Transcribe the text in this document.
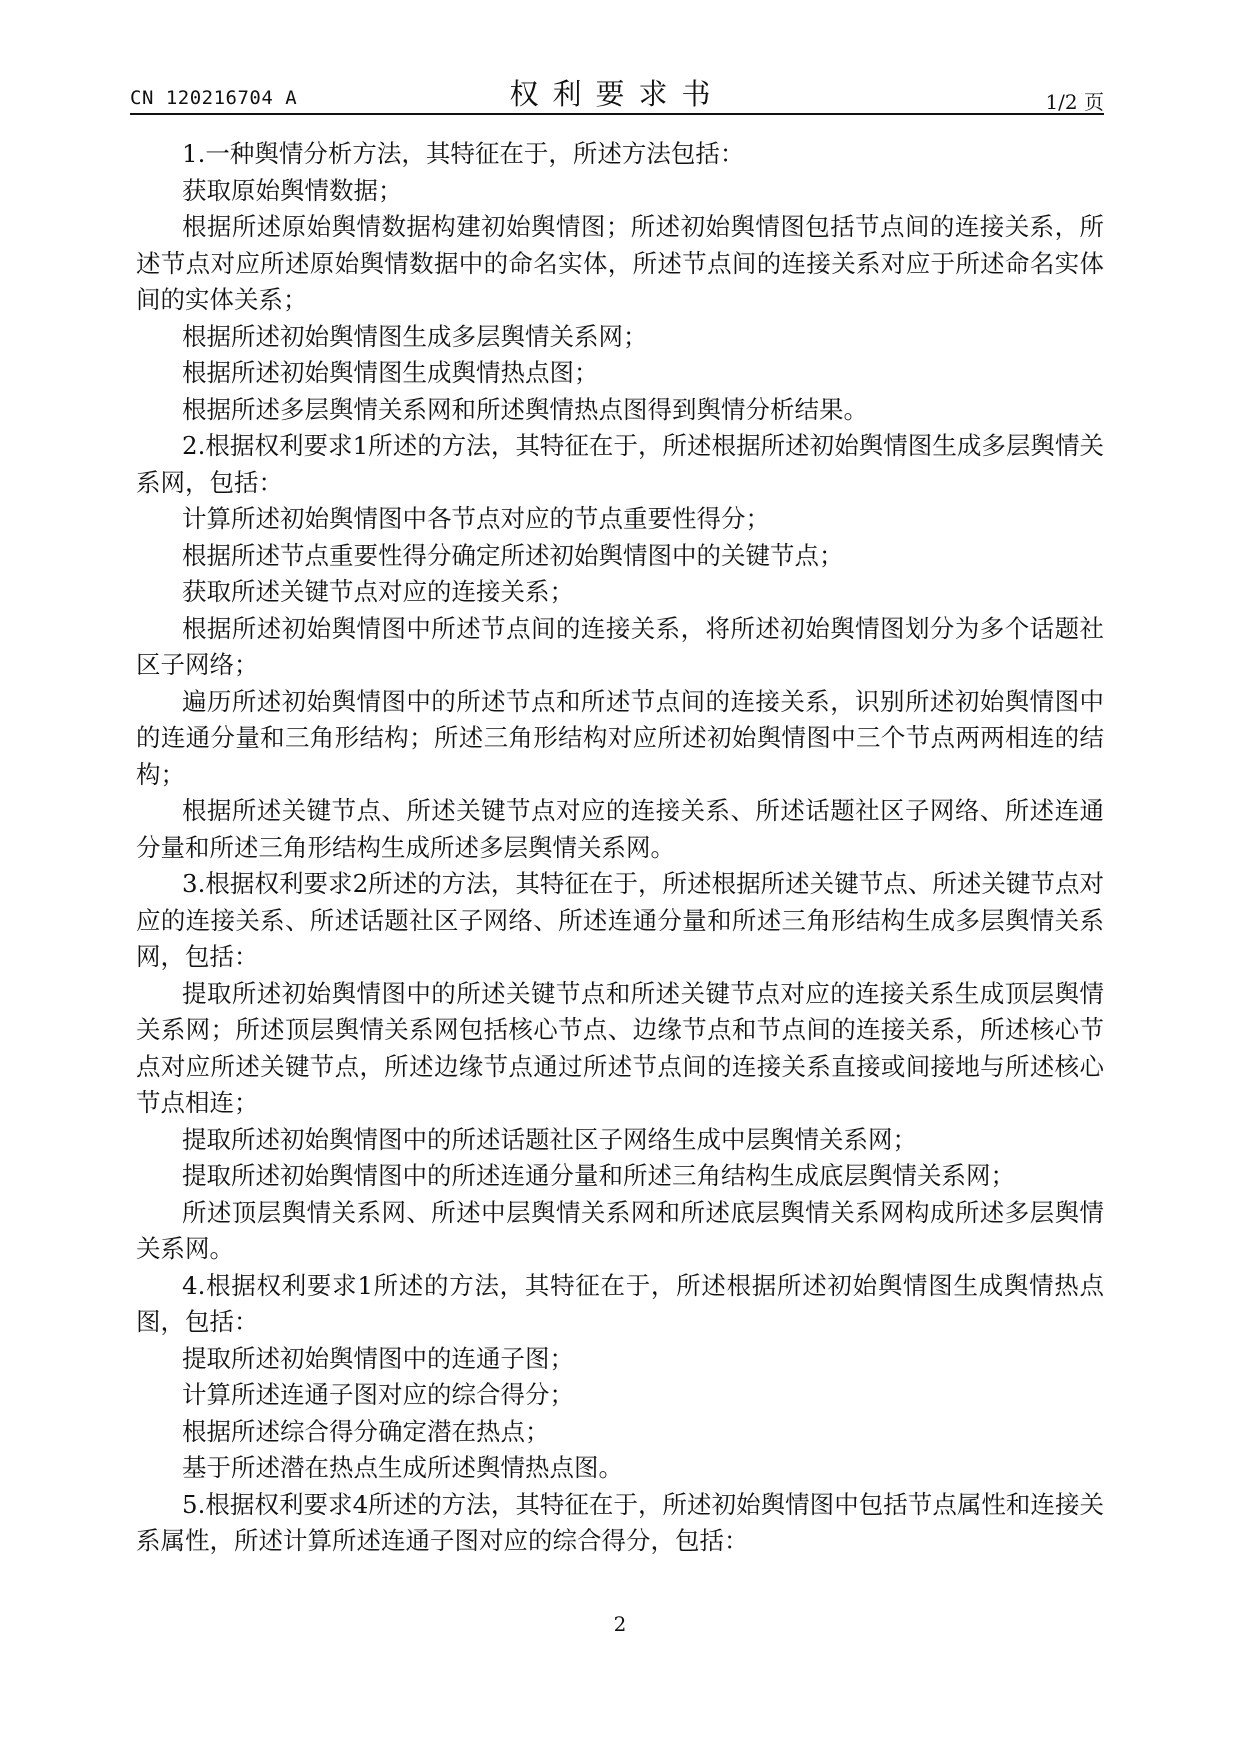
CN 120216704 A	权利要求书	1/2 页

1.一种舆情分析方法，其特征在于，所述方法包括：

获取原始舆情数据；

根据所述原始舆情数据构建初始舆情图；所述初始舆情图包括节点间的连接关系，所述节点对应所述原始舆情数据中的命名实体，所述节点间的连接关系对应于所述命名实体间的实体关系；

根据所述初始舆情图生成多层舆情关系网；

根据所述初始舆情图生成舆情热点图；

根据所述多层舆情关系网和所述舆情热点图得到舆情分析结果。

2.根据权利要求1所述的方法，其特征在于，所述根据所述初始舆情图生成多层舆情关系网，包括：

计算所述初始舆情图中各节点对应的节点重要性得分；

根据所述节点重要性得分确定所述初始舆情图中的关键节点；

获取所述关键节点对应的连接关系；

根据所述初始舆情图中所述节点间的连接关系，将所述初始舆情图划分为多个话题社区子网络；

遍历所述初始舆情图中的所述节点和所述节点间的连接关系，识别所述初始舆情图中的连通分量和三角形结构；所述三角形结构对应所述初始舆情图中三个节点两两相连的结构；

根据所述关键节点、所述关键节点对应的连接关系、所述话题社区子网络、所述连通分量和所述三角形结构生成所述多层舆情关系网。

3.根据权利要求2所述的方法，其特征在于，所述根据所述关键节点、所述关键节点对应的连接关系、所述话题社区子网络、所述连通分量和所述三角形结构生成多层舆情关系网，包括：

提取所述初始舆情图中的所述关键节点和所述关键节点对应的连接关系生成顶层舆情关系网；所述顶层舆情关系网包括核心节点、边缘节点和节点间的连接关系，所述核心节点对应所述关键节点，所述边缘节点通过所述节点间的连接关系直接或间接地与所述核心节点相连；

提取所述初始舆情图中的所述话题社区子网络生成中层舆情关系网；

提取所述初始舆情图中的所述连通分量和所述三角结构生成底层舆情关系网；

所述顶层舆情关系网、所述中层舆情关系网和所述底层舆情关系网构成所述多层舆情关系网。

4.根据权利要求1所述的方法，其特征在于，所述根据所述初始舆情图生成舆情热点图，包括：

提取所述初始舆情图中的连通子图；

计算所述连通子图对应的综合得分；

根据所述综合得分确定潜在热点；

基于所述潜在热点生成所述舆情热点图。

5.根据权利要求4所述的方法，其特征在于，所述初始舆情图中包括节点属性和连接关系属性，所述计算所述连通子图对应的综合得分，包括：

2
